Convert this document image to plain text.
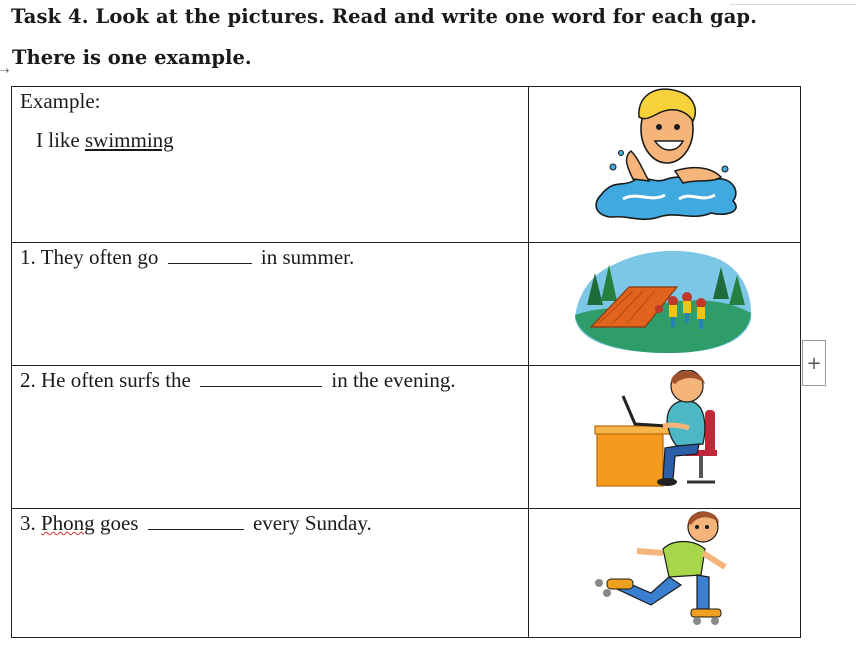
Task 4. Look at the pictures. Read and write one word for each gap.
There is one example.
⇢
Example:
I like swimming

1. They often go in summer.

2. He often surfs the in the evening.

3. Phong goes every Sunday.

+
